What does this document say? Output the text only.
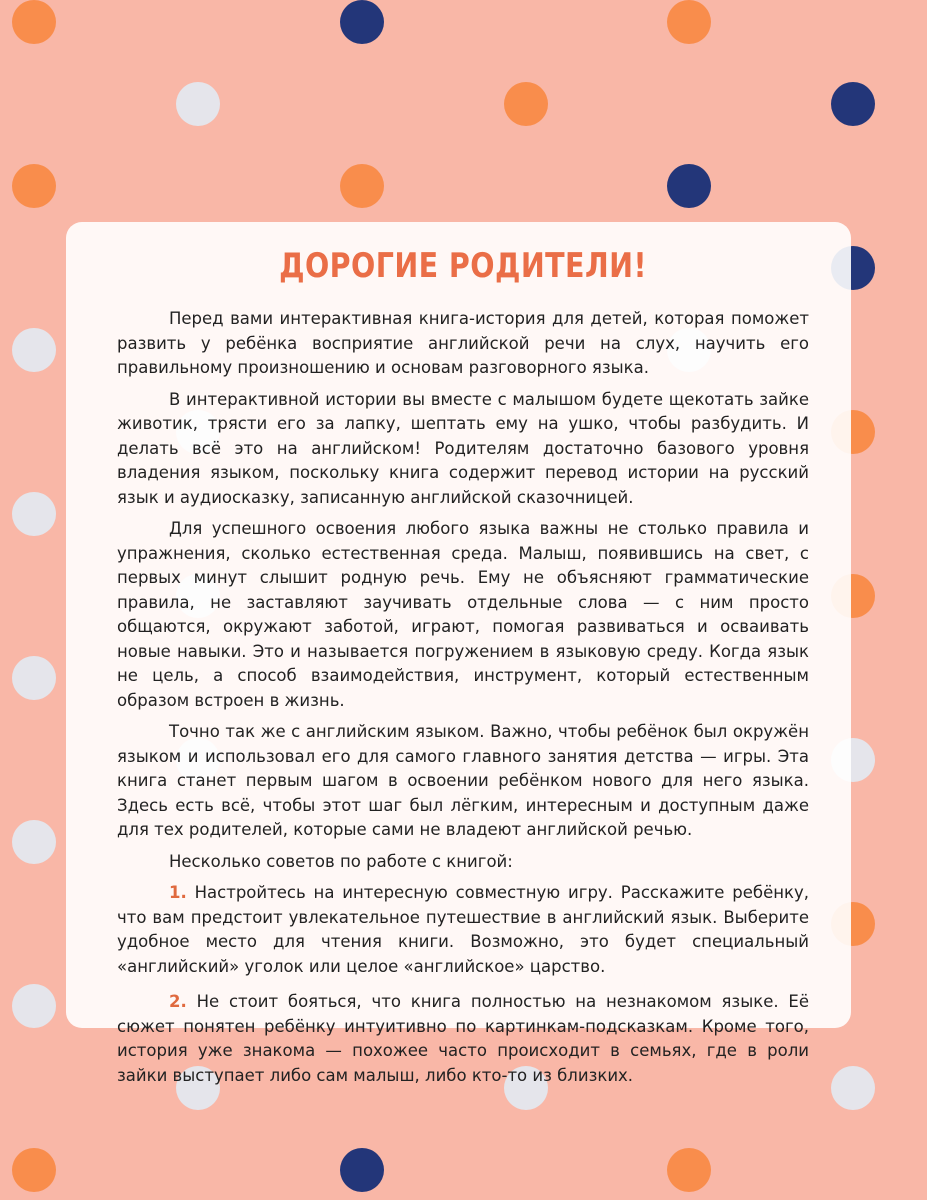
ДОРОГИЕ РОДИТЕЛИ!

Перед вами интерактивная книга-история для детей, которая поможет развить у ребёнка восприятие английской речи на слух, научить его правильному произношению и основам разговорного языка.

В интерактивной истории вы вместе с малышом будете щекотать зайке животик, трясти его за лапку, шептать ему на ушко, чтобы разбудить. И делать всё это на английском! Родителям достаточно базового уровня владения языком, поскольку книга содержит перевод истории на русский язык и аудиосказку, записанную английской сказочницей.

Для успешного освоения любого языка важны не столько правила и упражнения, сколько естественная среда. Малыш, появившись на свет, с первых минут слышит родную речь. Ему не объясняют грамматические правила, не заставляют заучивать отдельные слова — с ним просто общаются, окружают заботой, играют, помогая развиваться и осваивать новые навыки. Это и называется погружением в языковую среду. Когда язык не цель, а способ взаимодействия, инструмент, который естественным образом встроен в жизнь.

Точно так же с английским языком. Важно, чтобы ребёнок был окружён языком и использовал его для самого главного занятия детства — игры. Эта книга станет первым шагом в освоении ребёнком нового для него языка. Здесь есть всё, чтобы этот шаг был лёгким, интересным и доступным даже для тех родителей, которые сами не владеют английской речью.

Несколько советов по работе с книгой:

1. Настройтесь на интересную совместную игру. Расскажите ребёнку, что вам предстоит увлекательное путешествие в английский язык. Выберите удобное место для чтения книги. Возможно, это будет специальный «английский» уголок или целое «английское» царство.

2. Не стоит бояться, что книга полностью на незнакомом языке. Её сюжет понятен ребёнку интуитивно по картинкам-подсказкам. Кроме того, история уже знакома — похожее часто происходит в семьях, где в роли зайки выступает либо сам малыш, либо кто-то из близких.
